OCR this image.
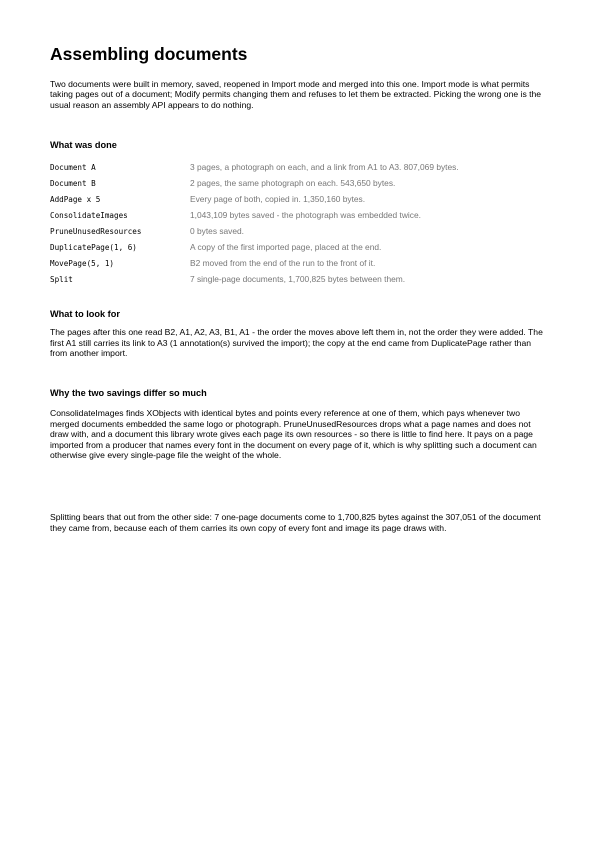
Assembling documents

Two documents were built in memory, saved, reopened in Import mode and merged into this one. Import mode is what permits taking pages out of a document; Modify permits changing them and refuses to let them be extracted. Picking the wrong one is the usual reason an assembly API appears to do nothing.

What was done
Document A	3 pages, a photograph on each, and a link from A1 to A3. 807,069 bytes.
Document B	2 pages, the same photograph on each. 543,650 bytes.
AddPage x 5	Every page of both, copied in. 1,350,160 bytes.
ConsolidateImages	1,043,109 bytes saved - the photograph was embedded twice.
PruneUnusedResources	0 bytes saved.
DuplicatePage(1, 6)	A copy of the first imported page, placed at the end.
MovePage(5, 1)	B2 moved from the end of the run to the front of it.
Split	7 single-page documents, 1,700,825 bytes between them.
What to look for

The pages after this one read B2, A1, A2, A3, B1, A1 - the order the moves above left them in, not the order they were added. The first A1 still carries its link to A3 (1 annotation(s) survived the import); the copy at the end came from DuplicatePage rather than from another import.

Why the two savings differ so much

ConsolidateImages finds XObjects with identical bytes and points every reference at one of them, which pays whenever two merged documents embedded the same logo or photograph. PruneUnusedResources drops what a page names and does not draw with, and a document this library wrote gives each page its own resources - so there is little to find here. It pays on a page imported from a producer that names every font in the document on every page of it, which is why splitting such a document can otherwise give every single-page file the weight of the whole.

Splitting bears that out from the other side: 7 one-page documents come to 1,700,825 bytes against the 307,051 of the document they came from, because each of them carries its own copy of every font and image its page draws with.
